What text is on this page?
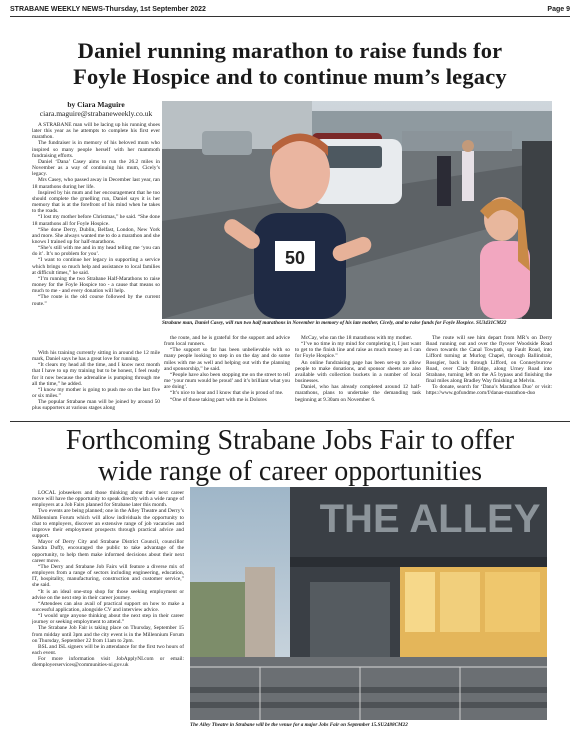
STRABANE WEEKLY NEWS-Thursday, 1st September 2022	Page 9
Daniel running marathon to raise funds for
Foyle Hospice and to continue mum’s legacy
by Ciara Maguire
ciara.maguire@strabaneweekly.co.uk

A STRABANE man will be lacing up his running shoes later this year as he attempts to complete his first ever marathon.

The fundraiser is in memory of his beloved mum who inspired so many people herself with her mammoth fundraising efforts.

Daniel ‘Dana’ Casey aims to run the 26.2 miles in November as a way of continuing his mum, Cicely’s legacy.

Mrs Casey, who passed away in December last year, ran 18 marathons during her life.

Inspired by his mum and her encouragement that he too should complete the gruelling run, Daniel says it is her memory that is at the forefront of his mind when he takes to the roads.

“I lost my mother before Christmas,” he said. “She done 18 marathons all for Foyle Hospice.

“She done Derry, Dublin, Belfast, London, New York and more. She always wanted me to do a marathon and she knows I trained up for half-marathons.

“She’s still with me and in my head telling me ‘you can do it’. It’s no problem for you’.

“I want to continue her legacy in supporting a service which brings so much help and assistance to local families at difficult times,” he said.

“I’m running the two Strabane Half-Marathons to raise money for the Foyle Hospice too - a cause that means so much to me - and every donation will help.

“The route is the old course followed by the current route.”

50
Strabane man, Daniel Casey, will run two half marathons in November in memory of his late mother, Cicely, and to raise funds for Foyle Hospice. SU3431CM22

With his training currently sitting in around the 12 mile mark, Daniel says he has a great love for running.

“It clears my head all the time, and I know next month that I have to up my training but to be honest, I feel ready for it now because the adrenaline is pumping through me all the time,” he added.

“I know my mother is going to push me on the last five or six miles.”

The popular Strabane man will be joined by around 50 plus supporters at various stages along

the route, and he is grateful for the support and advice from local runners.

“The support so far has been unbelievable with so many people looking to step in on the day and do some miles with me as well and helping out with the planning and sponsorship,” he said.

“People have also been stopping me on the street to tell me ‘your mum would be proud’ and it’s brilliant what you are doing’.

“It’s nice to hear and I know that she is proud of me.

“One of those taking part with me is Dolores

McCay, who ran the 18 marathons with my mother.

“I’ve no time in my mind for completing it, I just want to get to the finish line and raise as much money as I can for Foyle Hospice.”

An online fundraising page has been set-up to allow people to make donations, and sponsor sheets are also available with collection buckets in a number of local businesses.

Daniel, who has already completed around 12 half-marathons, plans to undertake the demanding task beginning at 9.30am on November 6.

The route will see him depart from MR’s on Derry Road running out and over the flyover Woodside Road down towards the Canal Towpath, up Fault Road, into Lifford turning at Murlog Chapel, through Ballindrait, Rossgier, back in through Lifford, on Conneyburrow Road, over Clady Bridge, along Urney Road into Strabane, turning left on the A5 bypass and finishing the final miles along Bradley Way finishing at Melvin.

To donate, search for ‘Dana’s Marathon Duo’ or visit: https://www.gofundme.com/f/danas-marathon-duo

Forthcoming Strabane Jobs Fair to offer
wide range of career opportunities

LOCAL jobseekers and those thinking about their next career move will have the opportunity to speak directly with a wide range of employers at a Job Fairs planned for Strabane later this month.

Two events are being planned; one in the Alley Theatre and Derry’s Millennium Forum which will allow individuals the opportunity to chat to employers, discover an extensive range of job vacancies and improve their employment prospects through practical advice and support.

Mayor of Derry City and Strabane District Council, councillor Sandra Duffy, encouraged the public to take advantage of the opportunity, to help them make informed decisions about their next career move.

“The Derry and Strabane Job Fairs will feature a diverse mix of employers from a range of sectors including engineering, education, IT, hospitality, manufacturing, construction and customer service,” she said.

“It is an ideal one-stop shop for those seeking employment or advise on the next step in their career journey.

“Attendees can also avail of practical support on how to make a successful application, alongside CV and interview advice.

“I would urge anyone thinking about the next step in their career journey or seeking employment to attend.”

The Strabane Job Fair is taking place on Thursday, September 15 from midday until 3pm and the city event is in the Millennium Forum on Thursday, September 22 from 11am to 2pm.

BSL and ISL signers will be in attendance for the first two hours of each event.

For more information visit JobApplyNI.com or email: dlemployerservices@communities-ni.gov.uk

THE ALLEY
The Alley Theatre in Strabane will be the venue for a major Jobs Fair on September 15.SU2488CM22
